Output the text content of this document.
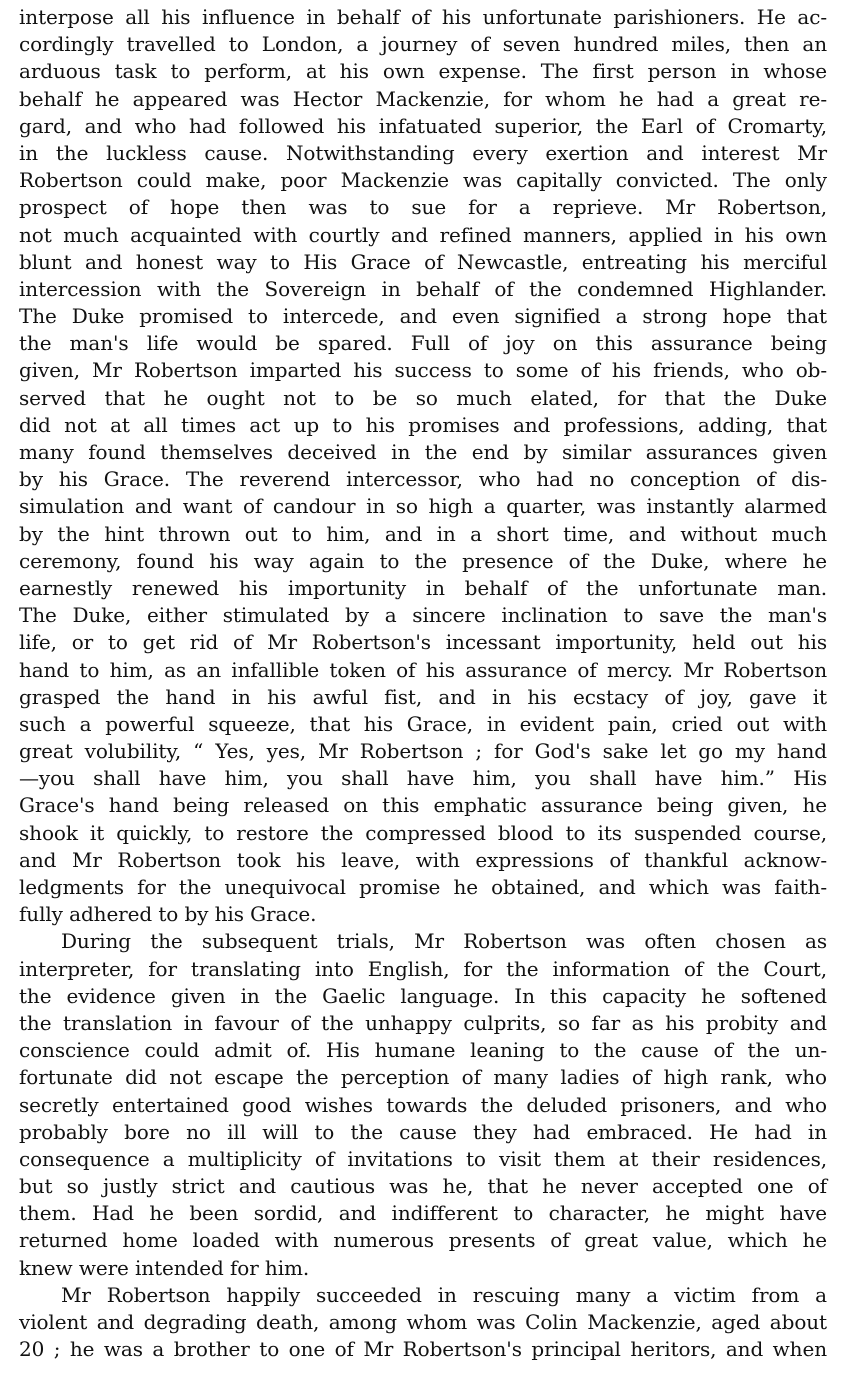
interpose all his influence in behalf of his unfortunate parishioners. He ac-
cordingly travelled to London, a journey of seven hundred miles, then an
arduous task to perform, at his own expense. The first person in whose
behalf he appeared was Hector Mackenzie, for whom he had a great re-
gard, and who had followed his infatuated superior, the Earl of Cromarty,
in the luckless cause. Notwithstanding every exertion and interest Mr
Robertson could make, poor Mackenzie was capitally convicted. The only
prospect of hope then was to sue for a reprieve. Mr Robertson,
not much acquainted with courtly and refined manners, applied in his own
blunt and honest way to His Grace of Newcastle, entreating his merciful
intercession with the Sovereign in behalf of the condemned Highlander.
The Duke promised to intercede, and even signified a strong hope that
the man's life would be spared. Full of joy on this assurance being
given, Mr Robertson imparted his success to some of his friends, who ob-
served that he ought not to be so much elated, for that the Duke
did not at all times act up to his promises and professions, adding, that
many found themselves deceived in the end by similar assurances given
by his Grace. The reverend intercessor, who had no conception of dis-
simulation and want of candour in so high a quarter, was instantly alarmed
by the hint thrown out to him, and in a short time, and without much
ceremony, found his way again to the presence of the Duke, where he
earnestly renewed his importunity in behalf of the unfortunate man.
The Duke, either stimulated by a sincere inclination to save the man's
life, or to get rid of Mr Robertson's incessant importunity, held out his
hand to him, as an infallible token of his assurance of mercy. Mr Robertson
grasped the hand in his awful fist, and in his ecstacy of joy, gave it
such a powerful squeeze, that his Grace, in evident pain, cried out with
great volubility, “ Yes, yes, Mr Robertson ; for God's sake let go my hand
—you shall have him, you shall have him, you shall have him.” His
Grace's hand being released on this emphatic assurance being given, he
shook it quickly, to restore the compressed blood to its suspended course,
and Mr Robertson took his leave, with expressions of thankful acknow-
ledgments for the unequivocal promise he obtained, and which was faith-
fully adhered to by his Grace.
During the subsequent trials, Mr Robertson was often chosen as
interpreter, for translating into English, for the information of the Court,
the evidence given in the Gaelic language. In this capacity he softened
the translation in favour of the unhappy culprits, so far as his probity and
conscience could admit of. His humane leaning to the cause of the un-
fortunate did not escape the perception of many ladies of high rank, who
secretly entertained good wishes towards the deluded prisoners, and who
probably bore no ill will to the cause they had embraced. He had in
consequence a multiplicity of invitations to visit them at their residences,
but so justly strict and cautious was he, that he never accepted one of
them. Had he been sordid, and indifferent to character, he might have
returned home loaded with numerous presents of great value, which he
knew were intended for him.
Mr Robertson happily succeeded in rescuing many a victim from a
violent and degrading death, among whom was Colin Mackenzie, aged about
20 ; he was a brother to one of Mr Robertson's principal heritors, and when
